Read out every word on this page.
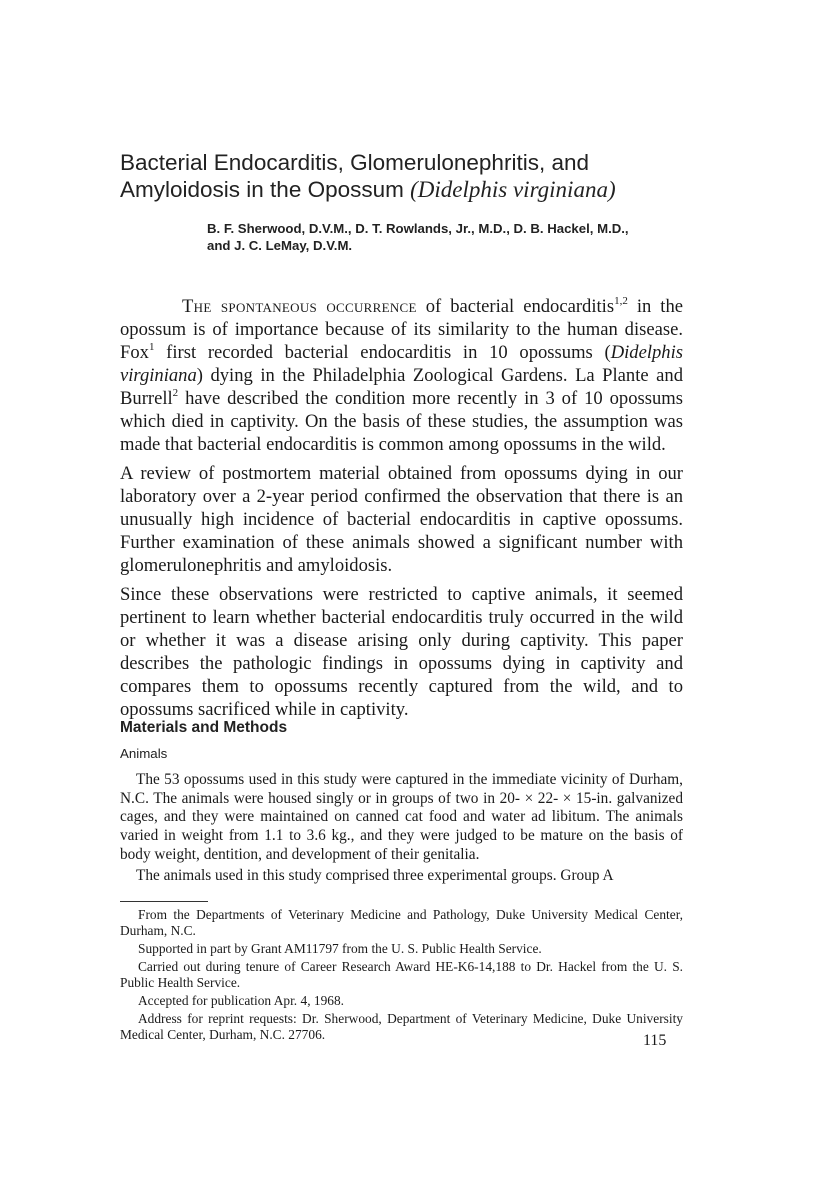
Bacterial Endocarditis, Glomerulonephritis, and
Amyloidosis in the Opossum (Didelphis virginiana)
B. F. Sherwood, D.V.M., D. T. Rowlands, Jr., M.D., D. B. Hackel, M.D.,
and J. C. LeMay, D.V.M.

The spontaneous occurrence of bacterial endocarditis$^{1,2}$ in the opossum is of importance because of its similarity to the human disease. Fox$^1$ first recorded bacterial endocarditis in 10 opossums (Didelphis virginiana) dying in the Philadelphia Zoological Gardens. La Plante and Burrell$^2$ have described the condition more recently in 3 of 10 opossums which died in captivity. On the basis of these studies, the assumption was made that bacterial endocarditis is common among opossums in the wild.

A review of postmortem material obtained from opossums dying in our laboratory over a 2-year period confirmed the observation that there is an unusually high incidence of bacterial endocarditis in captive opossums. Further examination of these animals showed a significant number with glomerulonephritis and amyloidosis.

Since these observations were restricted to captive animals, it seemed pertinent to learn whether bacterial endocarditis truly occurred in the wild or whether it was a disease arising only during captivity. This paper describes the pathologic findings in opossums dying in captivity and compares them to opossums recently captured from the wild, and to opossums sacrificed while in captivity.

Materials and Methods
Animals

The 53 opossums used in this study were captured in the immediate vicinity of Durham, N.C. The animals were housed singly or in groups of two in 20- × 22- × 15-in. galvanized cages, and they were maintained on canned cat food and water ad libitum. The animals varied in weight from 1.1 to 3.6 kg., and they were judged to be mature on the basis of body weight, dentition, and development of their genitalia.

The animals used in this study comprised three experimental groups. Group A

From the Departments of Veterinary Medicine and Pathology, Duke University Medical Center, Durham, N.C.

Supported in part by Grant AM11797 from the U. S. Public Health Service.

Carried out during tenure of Career Research Award HE-K6-14,188 to Dr. Hackel from the U. S. Public Health Service.

Accepted for publication Apr. 4, 1968.

Address for reprint requests: Dr. Sherwood, Department of Veterinary Medicine, Duke University Medical Center, Durham, N.C. 27706.	115
